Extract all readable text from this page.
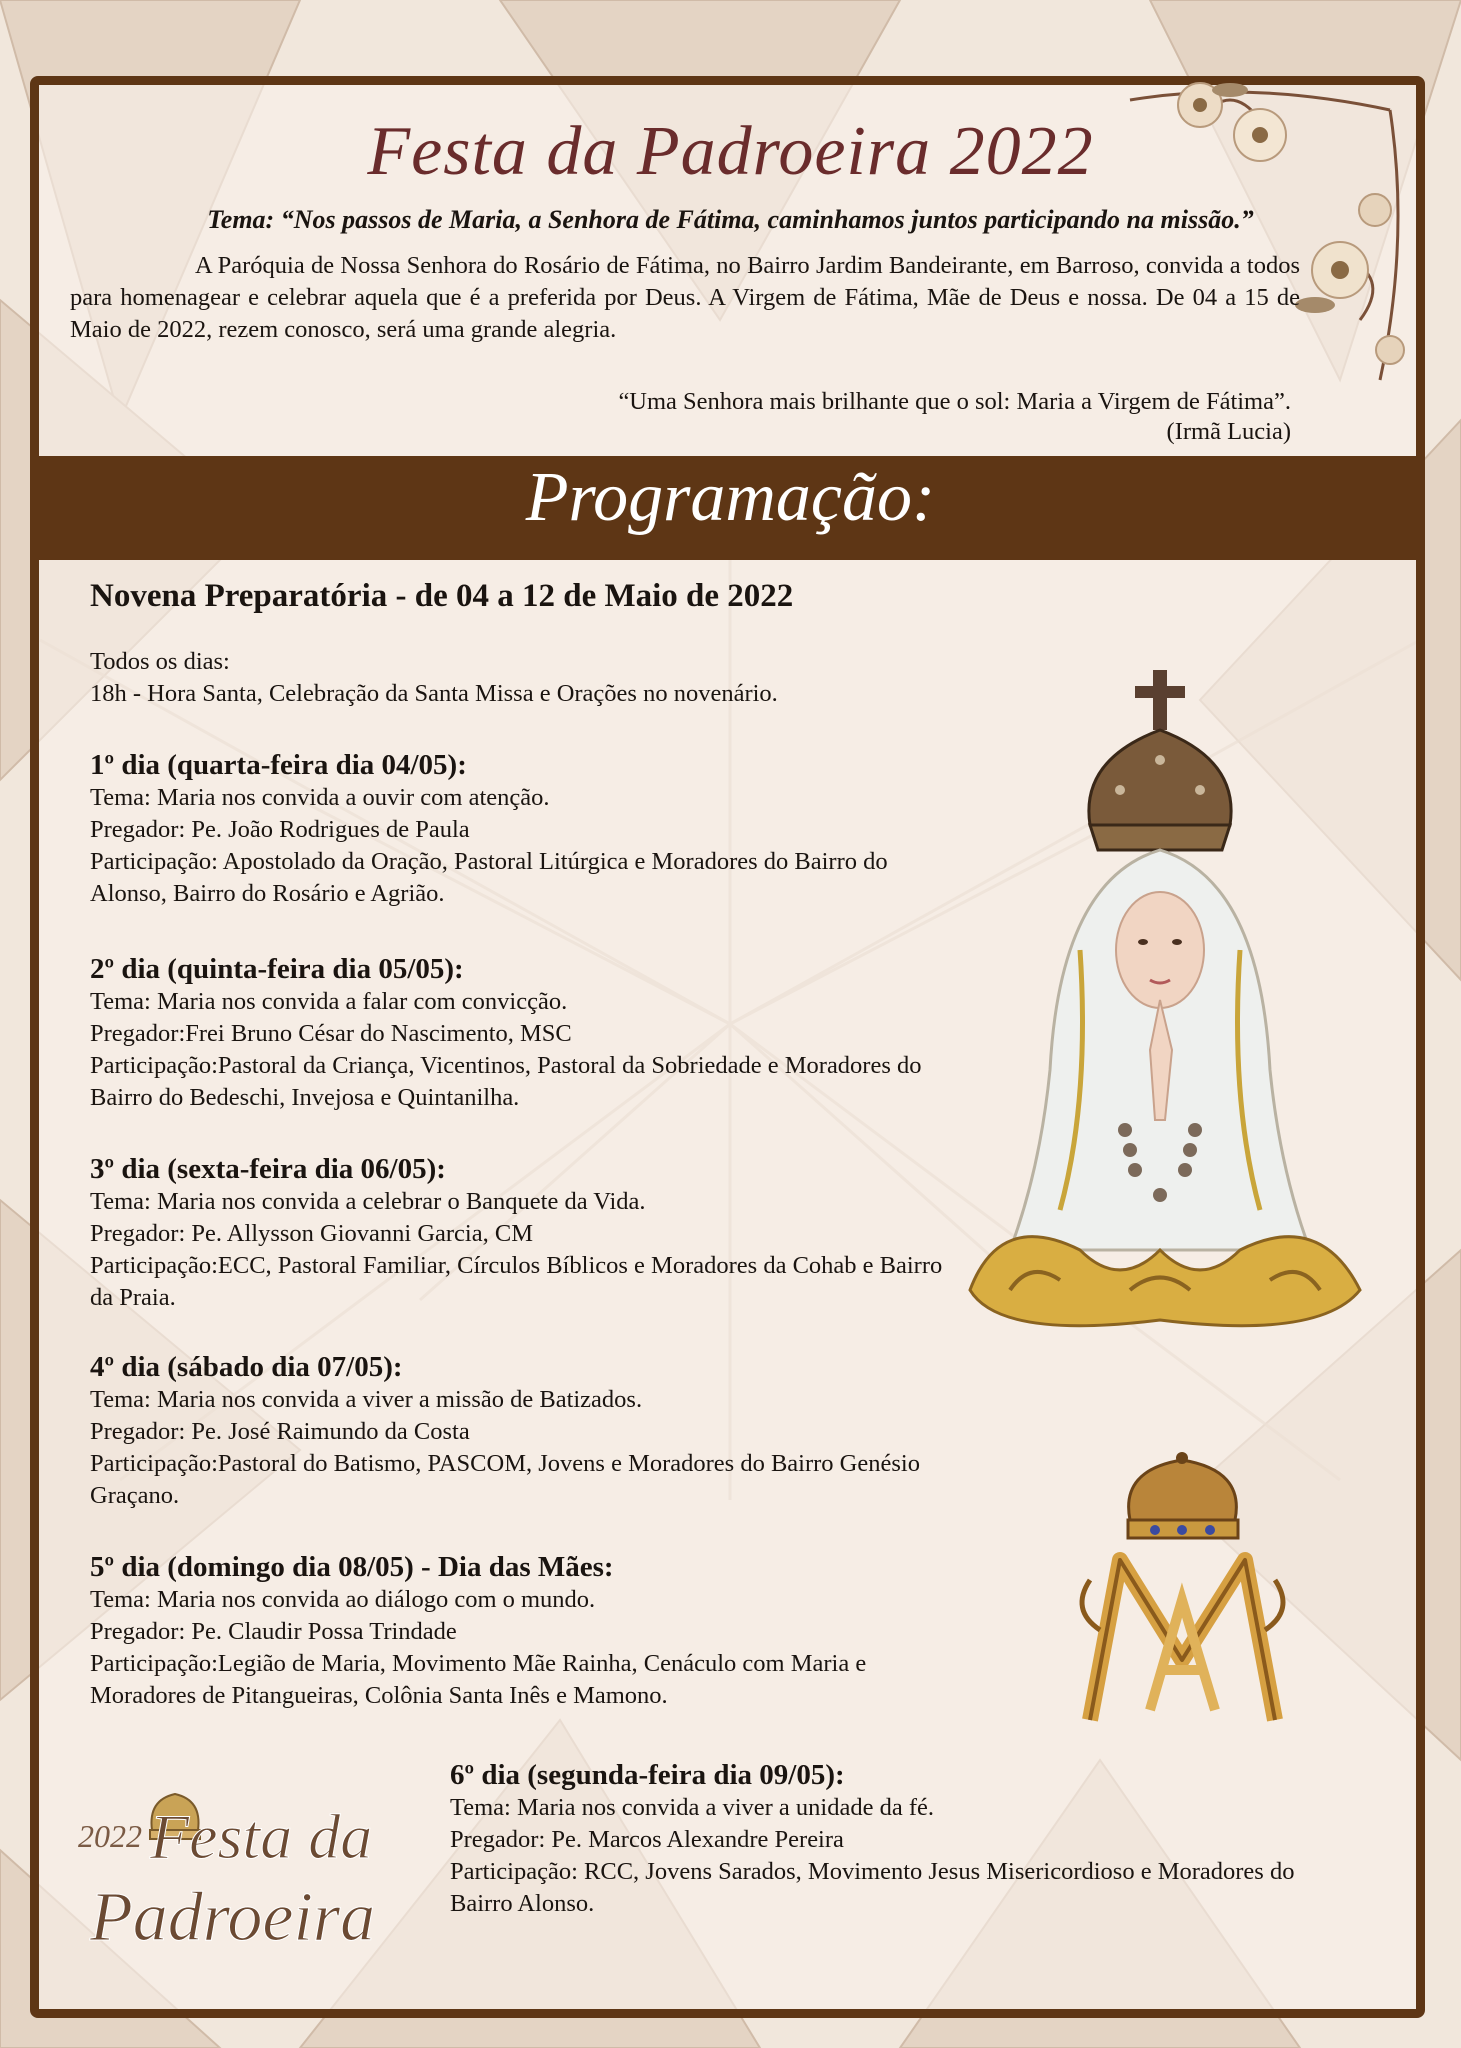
Festa da Padroeira 2022
Tema: “Nos passos de Maria, a Senhora de Fátima, caminhamos juntos participando na missão.”
A Paróquia de Nossa Senhora do Rosário de Fátima, no Bairro Jardim Bandeirante, em Barroso, convida a todos para homenagear e celebrar aquela que é a preferida por Deus. A Virgem de Fátima, Mãe de Deus e nossa. De 04 a 15 de Maio de 2022, rezem conosco, será uma grande alegria.
“Uma Senhora mais brilhante que o sol: Maria a Virgem de Fátima”.
(Irmã Lucia)
Programação:
Novena Preparatória - de 04 a 12 de Maio de 2022
Todos os dias:
18h - Hora Santa, Celebração da Santa Missa e Orações no novenário.
1º dia (quarta-feira dia 04/05):
Tema: Maria nos convida a ouvir com atenção.
Pregador: Pe. João Rodrigues de Paula
Participação: Apostolado da Oração, Pastoral Litúrgica e Moradores do Bairro do Alonso, Bairro do Rosário e Agrião.
2º dia (quinta-feira dia 05/05):
Tema: Maria nos convida a falar com convicção.
Pregador:Frei Bruno César do Nascimento, MSC
Participação:Pastoral da Criança, Vicentinos, Pastoral da Sobriedade e Moradores do Bairro do Bedeschi, Invejosa e Quintanilha.
3º dia (sexta-feira dia 06/05):
Tema: Maria nos convida a celebrar o Banquete da Vida.
Pregador: Pe. Allysson Giovanni Garcia, CM
Participação:ECC, Pastoral Familiar, Círculos Bíblicos e Moradores da Cohab e Bairro da Praia.
4º dia (sábado dia 07/05):
Tema: Maria nos convida a viver a missão de Batizados.
Pregador: Pe. José Raimundo da Costa
Participação:Pastoral do Batismo, PASCOM, Jovens e Moradores do Bairro Genésio Graçano.
5º dia (domingo dia 08/05) - Dia das Mães:
Tema: Maria nos convida ao diálogo com o mundo.
Pregador: Pe. Claudir Possa Trindade
Participação:Legião de Maria, Movimento Mãe Rainha, Cenáculo com Maria e Moradores de Pitangueiras, Colônia Santa Inês e Mamono.
6º dia (segunda-feira dia 09/05):
Tema: Maria nos convida a viver a unidade da fé.
Pregador: Pe. Marcos Alexandre Pereira
Participação: RCC, Jovens Sarados, Movimento Jesus Misericordioso e Moradores do Bairro Alonso.
2022 Festa da
Padroeira
